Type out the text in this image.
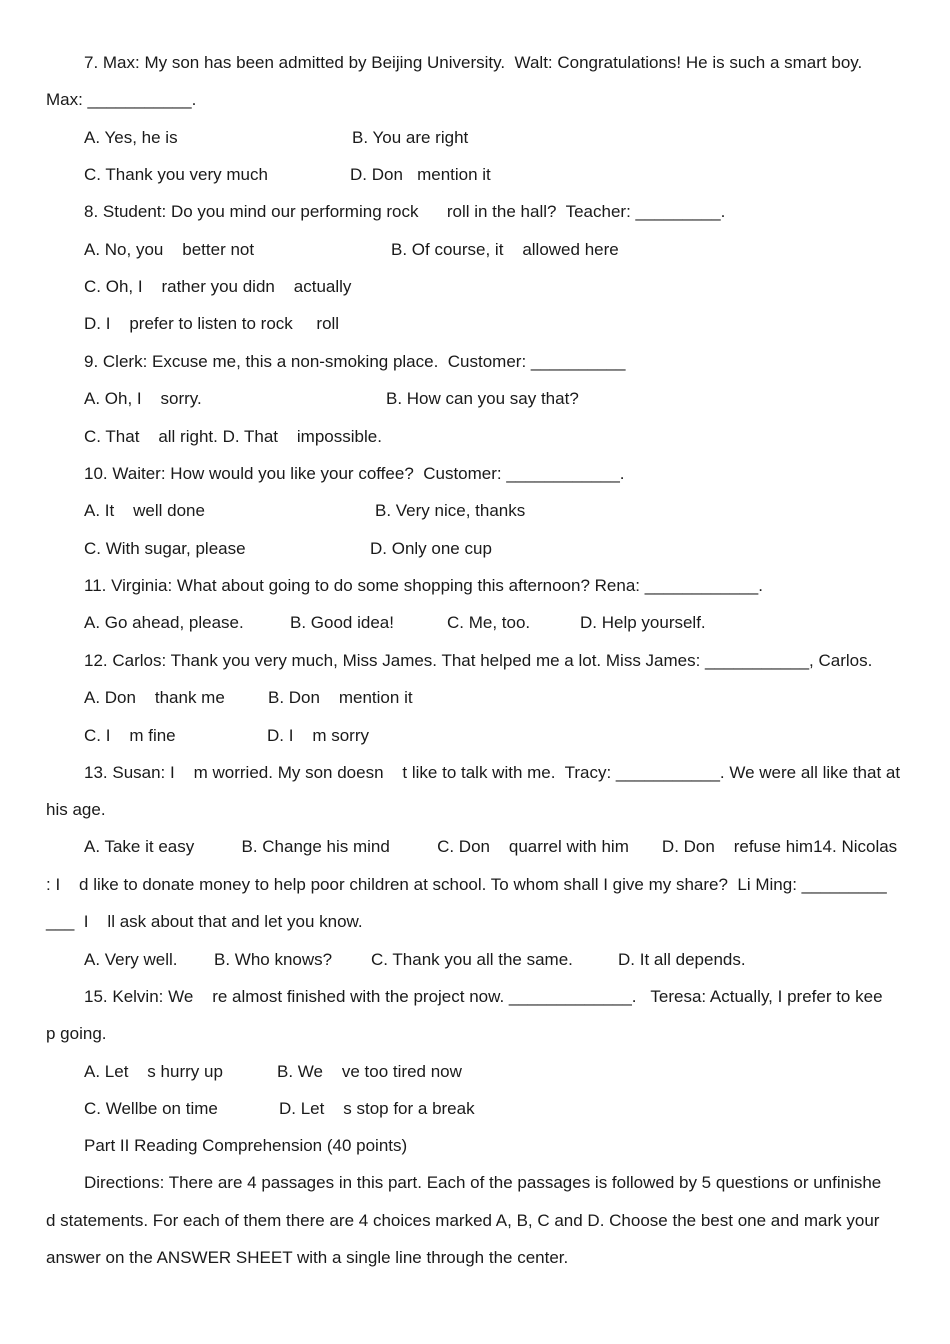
7. Max: My son has been admitted by Beijing University.  Walt: Congratulations! He is such a smart boy.
Max: ___________.
A. Yes, he is	B. You are right
C. Thank you very much	D. Don   mention it
8. Student: Do you mind our performing rock      roll in the hall?  Teacher: _________.
A. No, you    better not	B. Of course, it    allowed here
C. Oh, I    rather you didn    actually
D. I    prefer to listen to rock     roll
9. Clerk: Excuse me, this a non-smoking place.  Customer: __________
A. Oh, I    sorry.	B. How can you say that?
C. That    all right. D. That    impossible.
10. Waiter: How would you like your coffee?  Customer: ____________.
A. It    well done	B. Very nice, thanks
C. With sugar, please	D. Only one cup
11. Virginia: What about going to do some shopping this afternoon? Rena: ____________.
A. Go ahead, please.	B. Good idea!	C. Me, too.	D. Help yourself.
12. Carlos: Thank you very much, Miss James. That helped me a lot. Miss James: ___________, Carlos.
A. Don    thank me	B. Don    mention it
C. I    m fine	D. I    m sorry
13. Susan: I    m worried. My son doesn    t like to talk with me.  Tracy: ___________. We were all like that at
his age.
A. Take it easy          B. Change his mind          C. Don    quarrel with him       D. Don    refuse him14. Nicolas
: I    d like to donate money to help poor children at school. To whom shall I give my share?  Li Ming: _________
___  I    ll ask about that and let you know.
A. Very well. B. Who knows? C. Thank you all the same.	D. It all depends.
15. Kelvin: We    re almost finished with the project now. _____________.   Teresa: Actually, I prefer to kee
p going.
A. Let    s hurry up	B. We    ve too tired now
C. Wellbe on time	D. Let    s stop for a break
Part II Reading Comprehension (40 points)
Directions: There are 4 passages in this part. Each of the passages is followed by 5 questions or unfinishe
d statements. For each of them there are 4 choices marked A, B, C and D. Choose the best one and mark your
answer on the ANSWER SHEET with a single line through the center.
